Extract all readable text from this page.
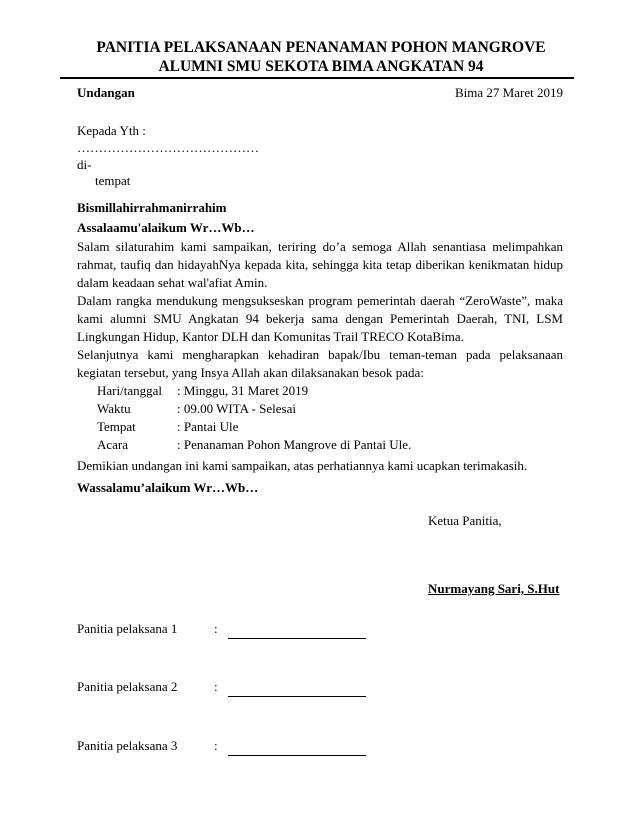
PANITIA PELAKSANAAN PENANAMAN POHON MANGROVE
ALUMNI SMU SEKOTA BIMA ANGKATAN 94
Undangan	Bima 27 Maret 2019
Kepada Yth :
……………………………………
di-
tempat
Bismillahirrahmanirrahim
Assalaamu'alaikum Wr…Wb…
Salam silaturahim kami sampaikan, teriring do’a semoga Allah senantiasa melimpahkan rahmat, taufiq dan hidayahNya kepada kita, sehingga kita tetap diberikan kenikmatan hidup dalam keadaan sehat wal'afiat Amin.
Dalam rangka mendukung mengsukseskan program pemerintah daerah “ZeroWaste”, maka kami alumni SMU Angkatan 94 bekerja sama dengan Pemerintah Daerah, TNI, LSM Lingkungan Hidup, Kantor DLH dan Komunitas Trail TRECO KotaBima.
Selanjutnya kami mengharapkan kehadiran bapak/Ibu teman-teman pada pelaksanaan kegiatan tersebut, yang Insya Allah akan dilaksanakan besok pada:
Hari/tanggal : Minggu, 31 Maret 2019
Waktu	: 09.00 WITA - Selesai
Tempat	: Pantai Ule
Acara	: Penanaman Pohon Mangrove di Pantai Ule.
Demikian undangan ini kami sampaikan, atas perhatiannya kami ucapkan terimakasih.
Wassalamu’alaikum Wr…Wb…
Ketua Panitia,
Nurmayang Sari, S.Hut
Panitia pelaksana 1	:
Panitia pelaksana 2	:
Panitia pelaksana 3	:
